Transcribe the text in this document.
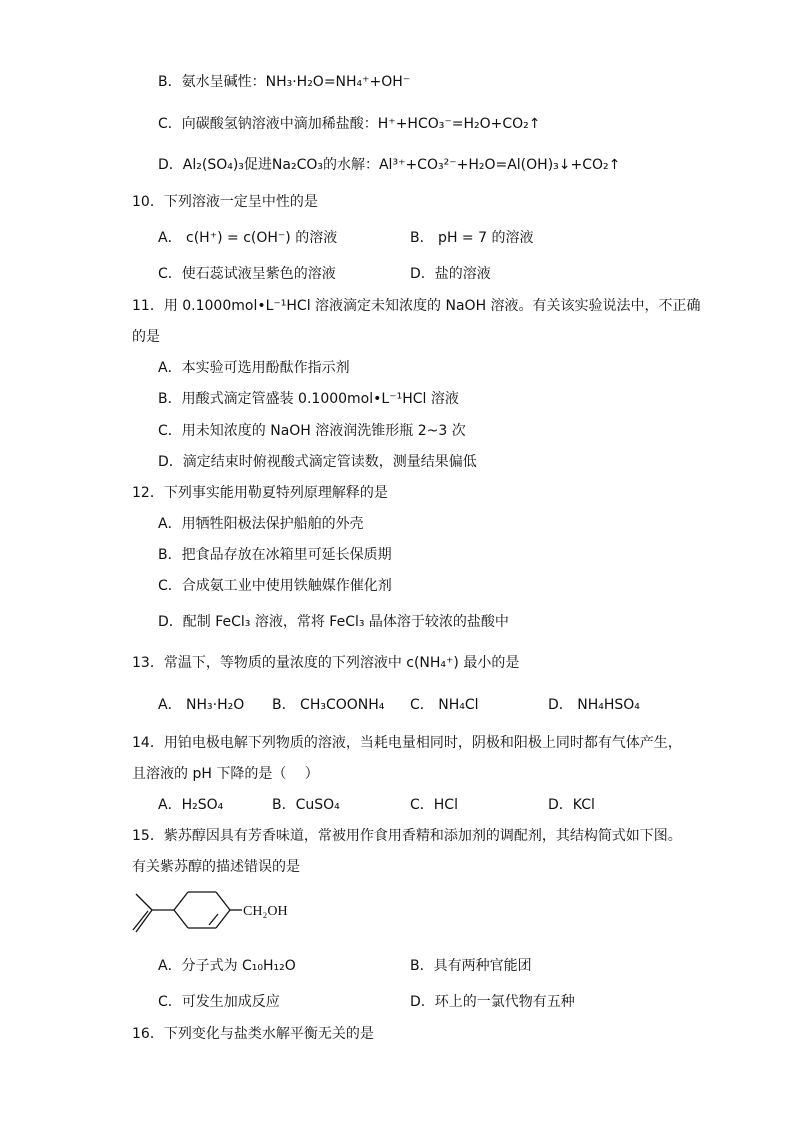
B．氨水呈碱性：NH₃·H₂O=NH₄⁺+OH⁻
C．向碳酸氢钠溶液中滴加稀盐酸：H⁺+HCO₃⁻=H₂O+CO₂↑
D．Al₂(SO₄)₃促进Na₂CO₃的水解：Al³⁺+CO₃²⁻+H₂O=Al(OH)₃↓+CO₂↑
10．下列溶液一定呈中性的是
A． c(H⁺) = c(OH⁻) 的溶液	B． pH = 7 的溶液
C．使石蕊试液呈紫色的溶液	D．盐的溶液
11．用 0.1000mol•L⁻¹HCl 溶液滴定未知浓度的 NaOH 溶液。有关该实验说法中，不正确
的是
A．本实验可选用酚酞作指示剂
B．用酸式滴定管盛装 0.1000mol•L⁻¹HCl 溶液
C．用未知浓度的 NaOH 溶液润洗锥形瓶 2~3 次
D．滴定结束时俯视酸式滴定管读数，测量结果偏低
12．下列事实能用勒夏特列原理解释的是
A．用牺牲阳极法保护船舶的外壳
B．把食品存放在冰箱里可延长保质期
C．合成氨工业中使用铁触媒作催化剂
D．配制 FeCl₃ 溶液，常将 FeCl₃ 晶体溶于较浓的盐酸中
13．常温下，等物质的量浓度的下列溶液中 c(NH₄⁺) 最小的是
A． NH₃·H₂O B． CH₃COONH₄ C． NH₄Cl	D． NH₄HSO₄
14．用铂电极电解下列物质的溶液，当耗电量相同时，阴极和阳极上同时都有气体产生，
且溶液的 pH 下降的是（　 ）
A．H₂SO₄	B．CuSO₄	C．HCl	D．KCl
15．紫苏醇因具有芳香味道，常被用作食用香精和添加剂的调配剂，其结构简式如下图。
有关紫苏醇的描述错误的是
CH₂OH
A．分子式为 C₁₀H₁₂O	B．具有两种官能团
C．可发生加成反应	D．环上的一氯代物有五种
16．下列变化与盐类水解平衡无关的是
